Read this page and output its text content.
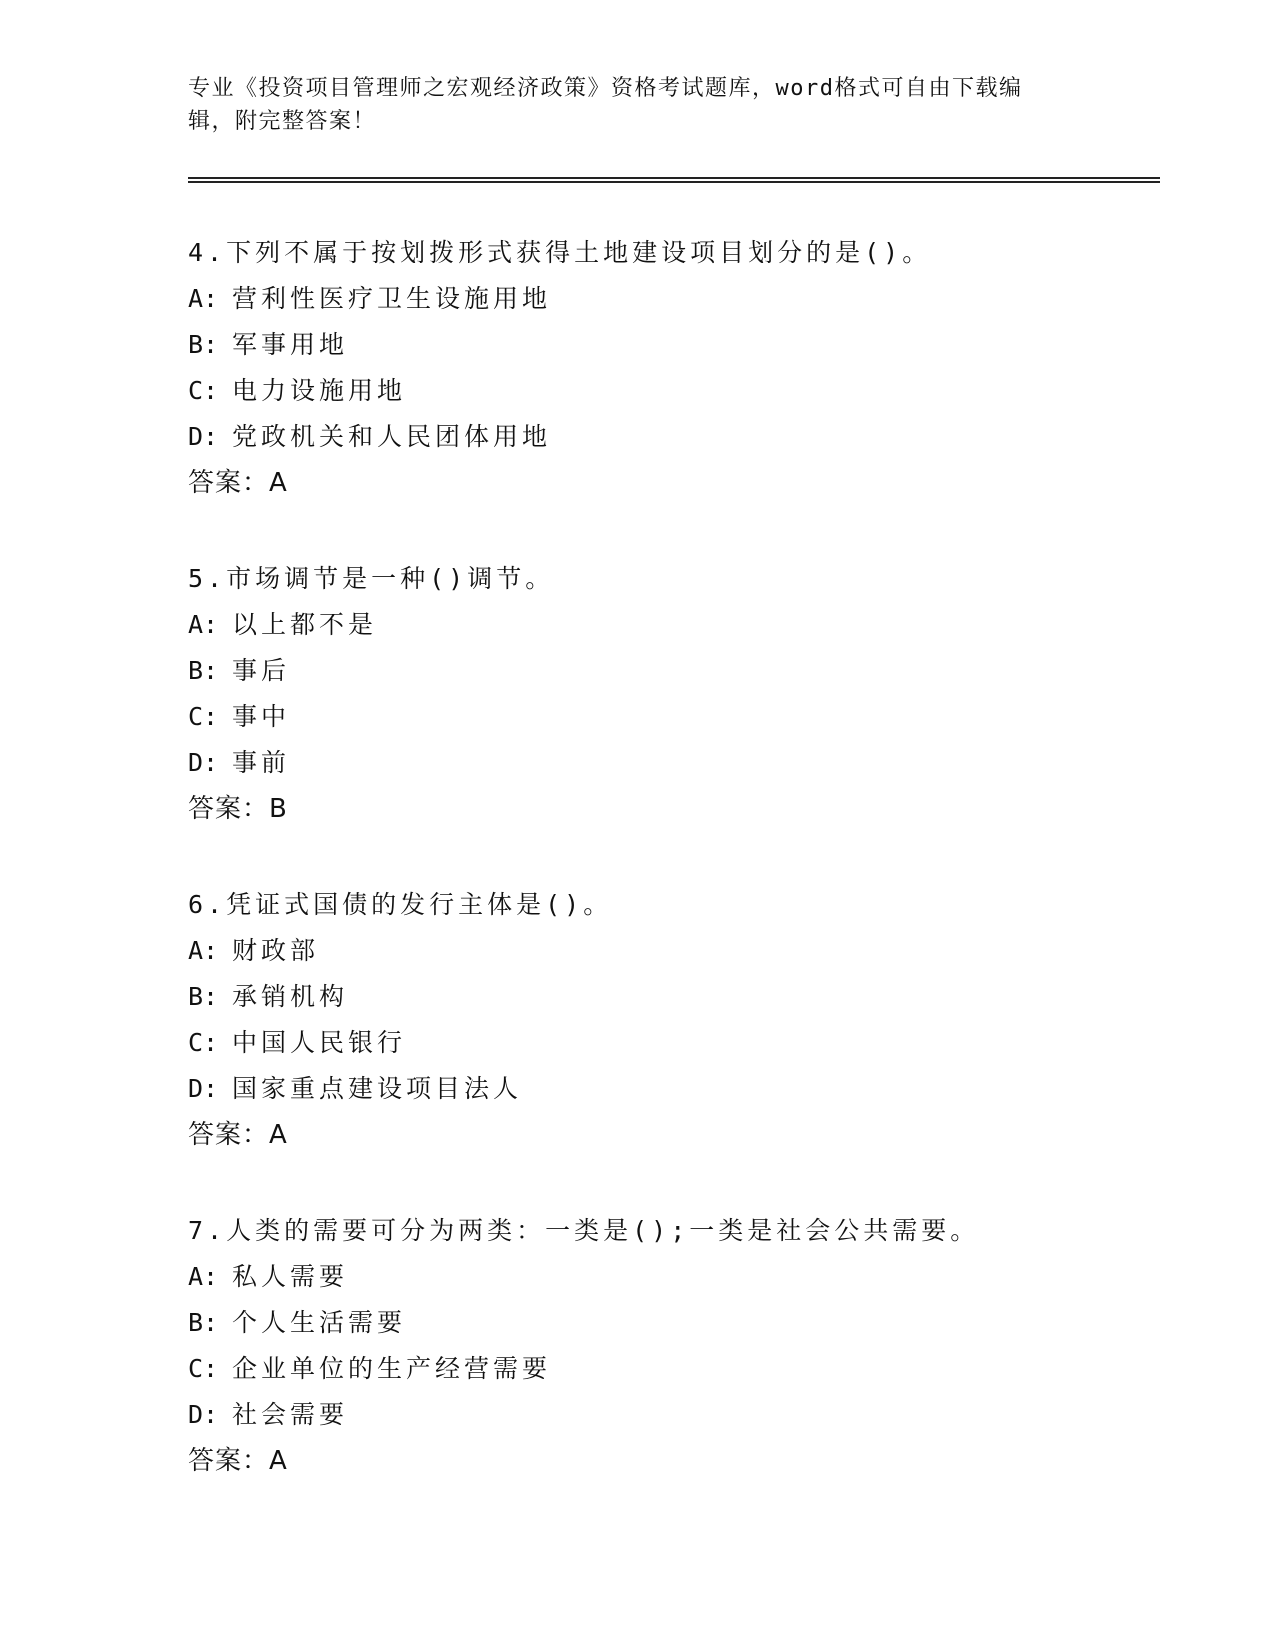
专业《投资项目管理师之宏观经济政策》资格考试题库，word格式可自由下载编
辑，附完整答案！
4.下列不属于按划拨形式获得土地建设项目划分的是()。
A: 营利性医疗卫生设施用地
B: 军事用地
C: 电力设施用地
D: 党政机关和人民团体用地
答案：A
5.市场调节是一种()调节。
A: 以上都不是
B: 事后
C: 事中
D: 事前
答案：B
6.凭证式国债的发行主体是()。
A: 财政部
B: 承销机构
C: 中国人民银行
D: 国家重点建设项目法人
答案：A
7.人类的需要可分为两类：一类是();一类是社会公共需要。
A: 私人需要
B: 个人生活需要
C: 企业单位的生产经营需要
D: 社会需要
答案：A
